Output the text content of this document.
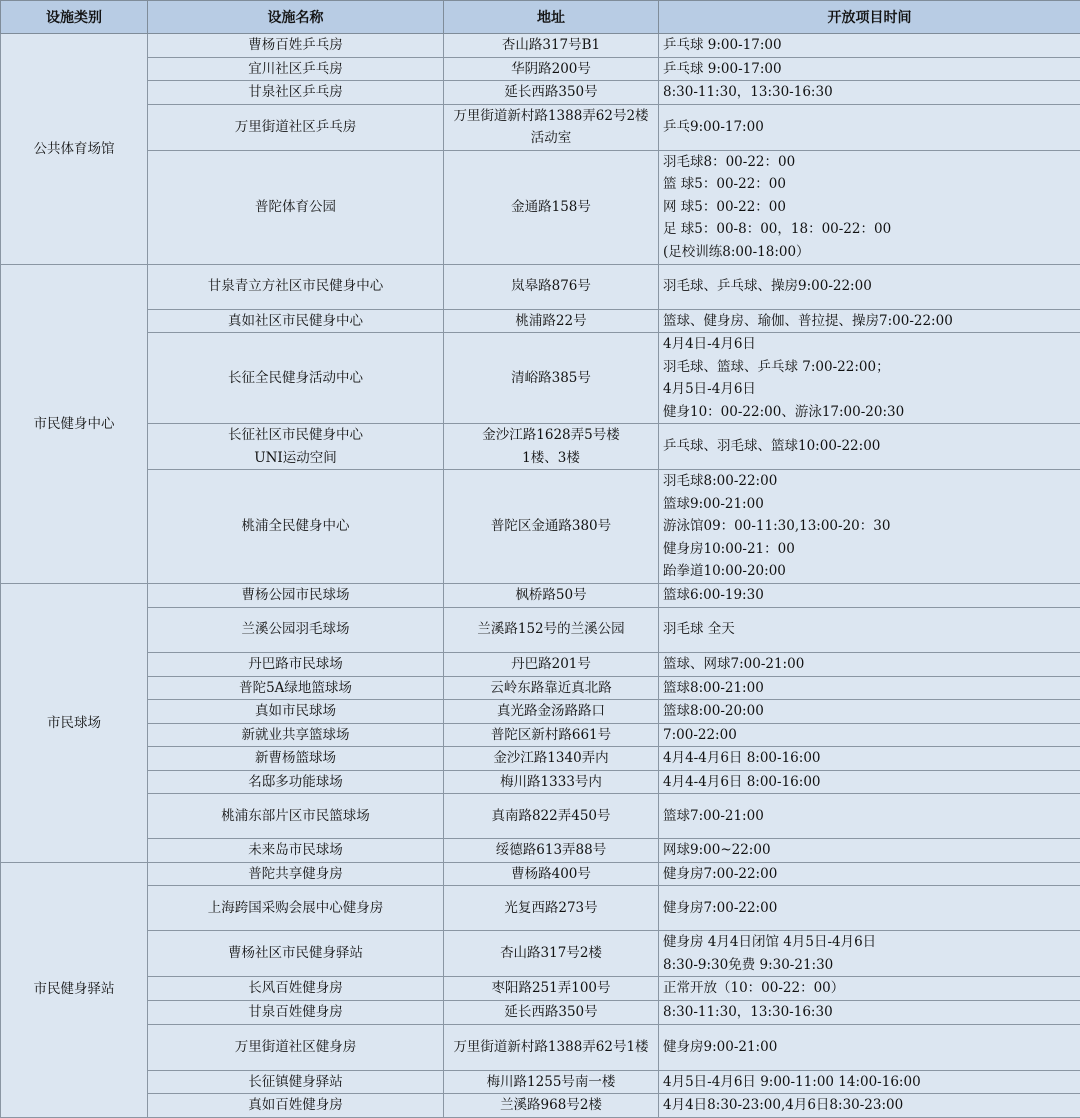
设施类别	设施名称	地址	开放项目时间
公共体育场馆	曹杨百姓乒乓房	杏山路317号B1	乒乓球 9:00-17:00

	宜川社区乒乓房	华阴路200号	乒乓球 9:00-17:00

	甘泉社区乒乓房	延长西路350号	8:30-11:30，13:30-16:30

	万里街道社区乒乓房	万里街道新村路1388弄62号2楼
活动室	乒乓9:00-17:00

	普陀体育公园	金通路158号	羽毛球8：00-22：00
篮 球5：00-22：00
网 球5：00-22：00
足 球5：00-8：00，18：00-22：00
(足校训练8:00-18:00）

市民健身中心	甘泉青立方社区市民健身中心	岚皋路876号	羽毛球、乒乓球、操房9:00-22:00

	真如社区市民健身中心	桃浦路22号	篮球、健身房、瑜伽、普拉提、操房7:00-22:00

	长征全民健身活动中心	清峪路385号	4月4日-4月6日
羽毛球、篮球、乒乓球 7:00-22:00；
4月5日-4月6日
健身10：00-22:00、游泳17:00-20:30

	长征社区市民健身中心
UNI运动空间	金沙江路1628弄5号楼
1楼、3楼	乒乓球、羽毛球、篮球10:00-22:00

	桃浦全民健身中心	普陀区金通路380号	羽毛球8:00-22:00
篮球9:00-21:00
游泳馆09：00-11:30,13:00-20：30
健身房10:00-21：00
跆拳道10:00-20:00

市民球场	曹杨公园市民球场	枫桥路50号	篮球6:00-19:30

	兰溪公园羽毛球场	兰溪路152号的兰溪公园	羽毛球 全天

	丹巴路市民球场	丹巴路201号	篮球、网球7:00-21:00

	普陀5A绿地篮球场	云岭东路靠近真北路	篮球8:00-21:00

	真如市民球场	真光路金汤路路口	篮球8:00-20:00

	新就业共享篮球场	普陀区新村路661号	7:00-22:00

	新曹杨篮球场	金沙江路1340弄内	4月4-4月6日 8:00-16:00

	名邸多功能球场	梅川路1333号内	4月4-4月6日 8:00-16:00

	桃浦东部片区市民篮球场	真南路822弄450号	篮球7:00-21:00

	未来岛市民球场	绥德路613弄88号	网球9:00~22:00

市民健身驿站	普陀共享健身房	曹杨路400号	健身房7:00-22:00

	上海跨国采购会展中心健身房	光复西路273号	健身房7:00-22:00

	曹杨社区市民健身驿站	杏山路317号2楼	健身房 4月4日闭馆 4月5日-4月6日
8:30-9:30免费 9:30-21:30

	长风百姓健身房	枣阳路251弄100号	正常开放（10：00-22：00）

	甘泉百姓健身房	延长西路350号	8:30-11:30，13:30-16:30

	万里街道社区健身房	万里街道新村路1388弄62号1楼	健身房9:00-21:00

	长征镇健身驿站	梅川路1255号南一楼	4月5日-4月6日 9:00-11:00 14:00-16:00

	真如百姓健身房	兰溪路968号2楼	4月4日8:30-23:00,4月6日8:30-23:00
